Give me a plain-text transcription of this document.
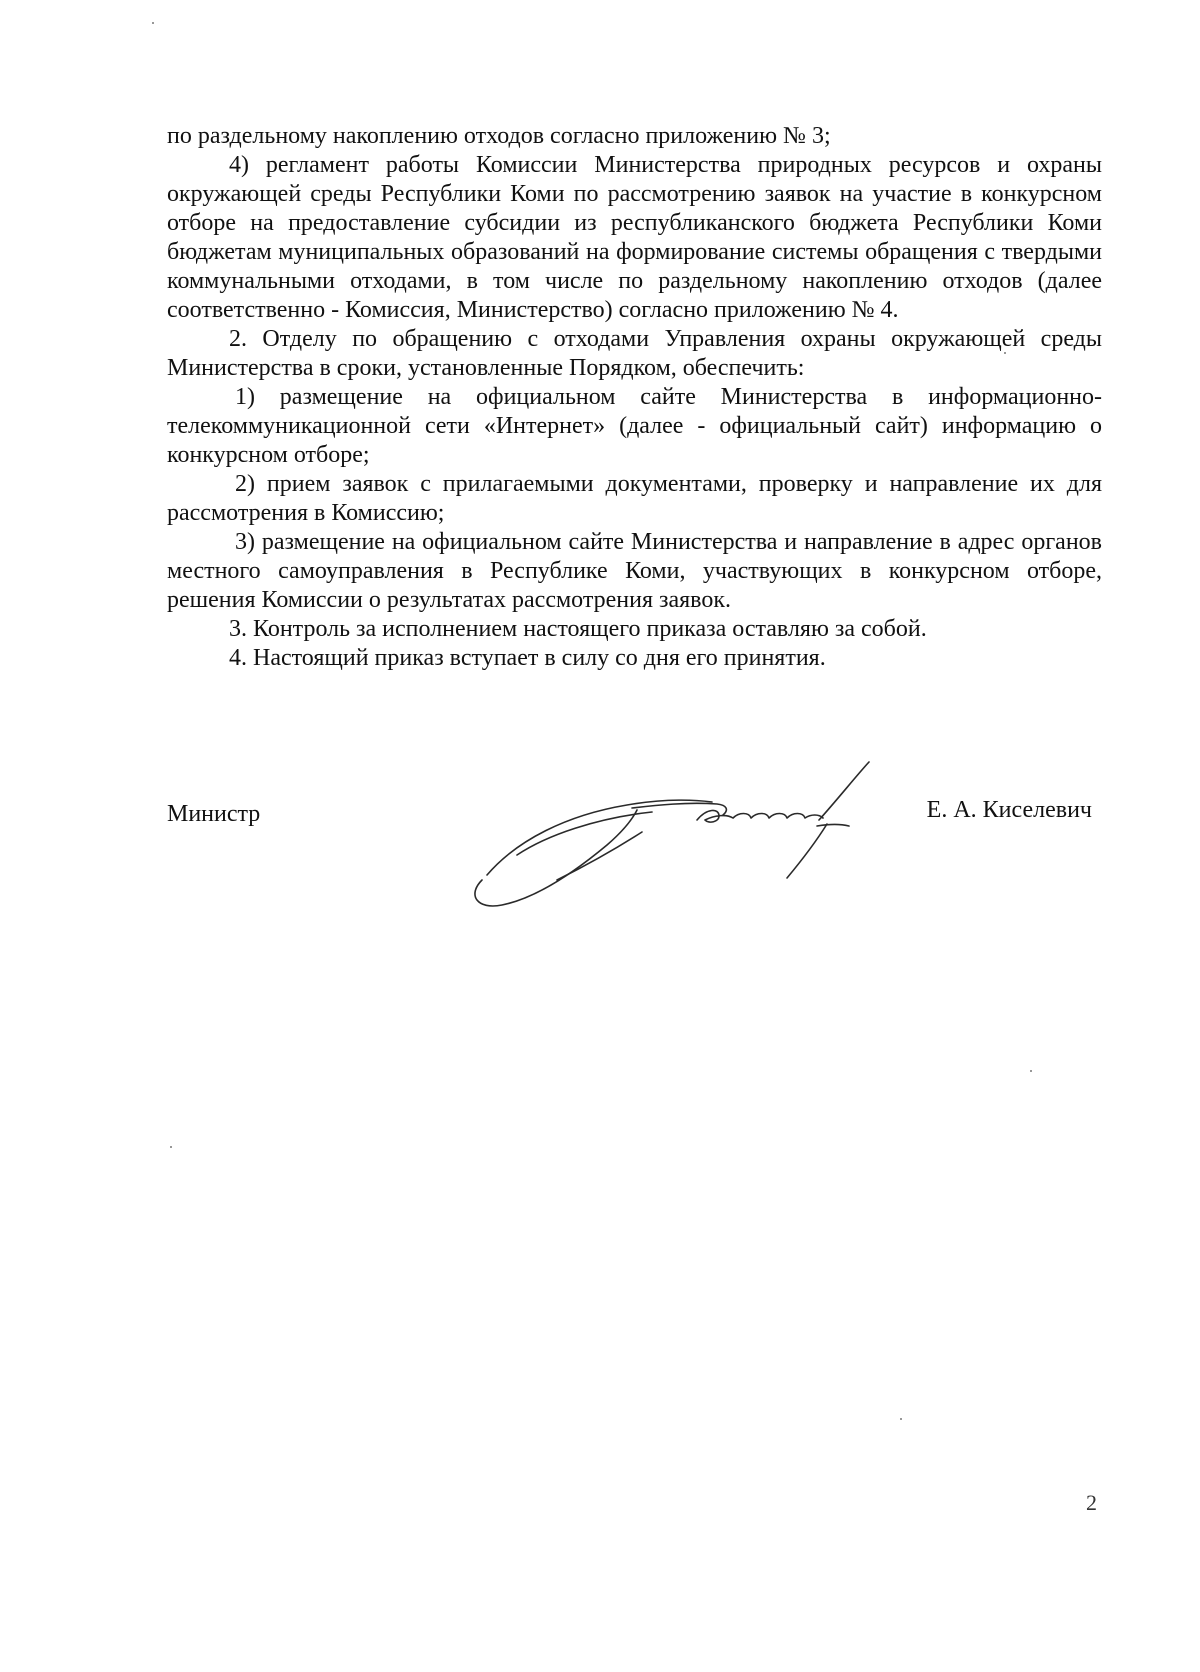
по раздельному накоплению отходов согласно приложению № 3;

4) регламент работы Комиссии Министерства природных ресурсов и охраны окружающей среды Республики Коми по рассмотрению заявок на участие в конкурсном отборе на предоставление субсидии из республиканского бюджета Республики Коми бюджетам муниципальных образований на формирование системы обращения с твердыми коммунальными отходами, в том числе по раздельному накоплению отходов (далее соответственно - Комиссия, Министерство) согласно приложению № 4.

2. Отделу по обращению с отходами Управления охраны окружающей среды Министерства в сроки, установленные Порядком, обеспечить:

1) размещение на официальном сайте Министерства в информационно-телекоммуникационной сети «Интернет» (далее - официальный сайт) информацию о конкурсном отборе;

2) прием заявок с прилагаемыми документами, проверку и направление их для рассмотрения в Комиссию;

3) размещение на официальном сайте Министерства и направление в адрес органов местного самоуправления в Республике Коми, участвующих в конкурсном отборе, решения Комиссии о результатах рассмотрения заявок.

3. Контроль за исполнением настоящего приказа оставляю за собой.

4. Настоящий приказ вступает в силу со дня его принятия.

Министр	Е. А. Киселевич
2
